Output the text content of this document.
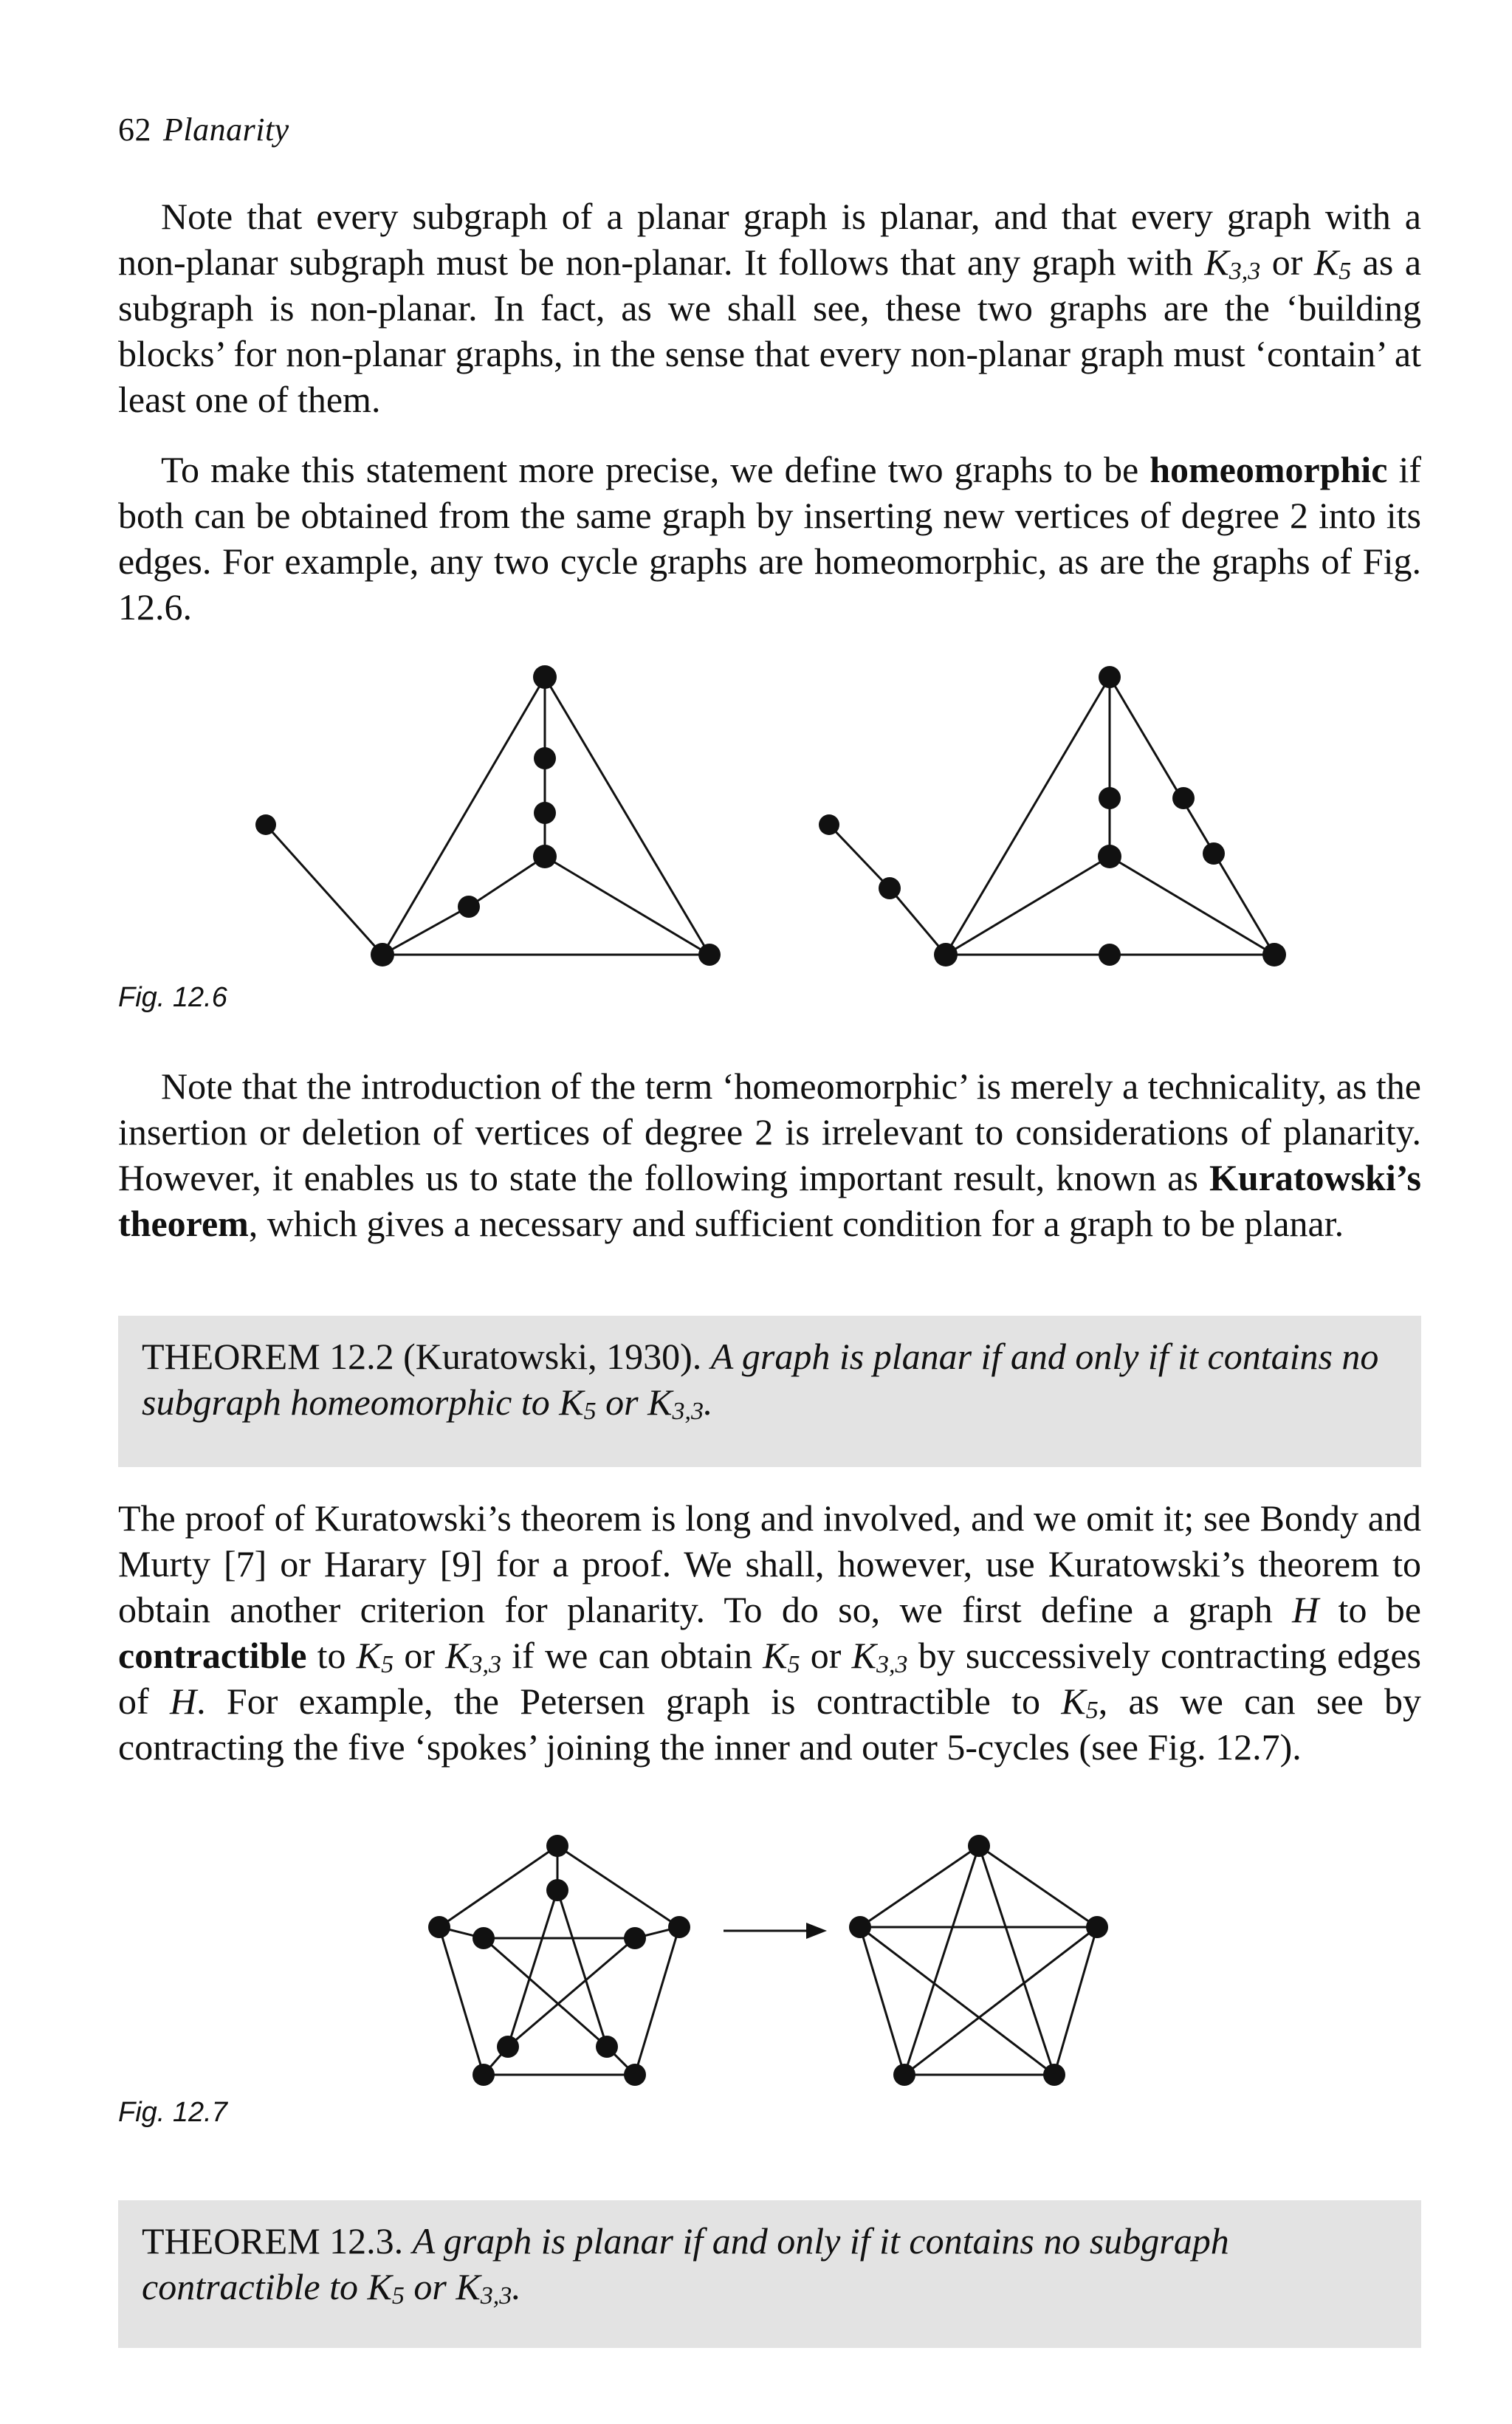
62 Planarity

Note that every subgraph of a planar graph is planar, and that every graph with a non-planar subgraph must be non-planar. It follows that any graph with $K_{3,3}$ or $K_5$ as a subgraph is non-planar. In fact, as we shall see, these two graphs are the ‘building blocks’ for non-planar graphs, in the sense that every non-planar graph must ‘contain’ at least one of them.

To make this statement more precise, we define two graphs to be homeomorphic if both can be obtained from the same graph by inserting new vertices of degree 2 into its edges. For example, any two cycle graphs are homeomorphic, as are the graphs of Fig. 12.6.

Fig. 12.6

Note that the introduction of the term ‘homeomorphic’ is merely a technicality, as the insertion or deletion of vertices of degree 2 is irrelevant to considerations of planarity. However, it enables us to state the following important result, known as Kuratowski’s theorem, which gives a necessary and sufficient condition for a graph to be planar.

THEOREM 12.2 (Kuratowski, 1930). A graph is planar if and only if it contains no subgraph homeomorphic to $K_5$ or $K_{3,3}$.

The proof of Kuratowski’s theorem is long and involved, and we omit it; see Bondy and Murty [7] or Harary [9] for a proof. We shall, however, use Kuratowski’s theorem to obtain another criterion for planarity. To do so, we first define a graph H to be contractible to $K_5$ or $K_{3,3}$ if we can obtain $K_5$ or $K_{3,3}$ by successively contracting edges of H. For example, the Petersen graph is contractible to $K_5$, as we can see by contracting the five ‘spokes’ joining the inner and outer 5-cycles (see Fig. 12.7).

Fig. 12.7
THEOREM 12.3. A graph is planar if and only if it contains no subgraph contractible to $K_5$ or $K_{3,3}$.
